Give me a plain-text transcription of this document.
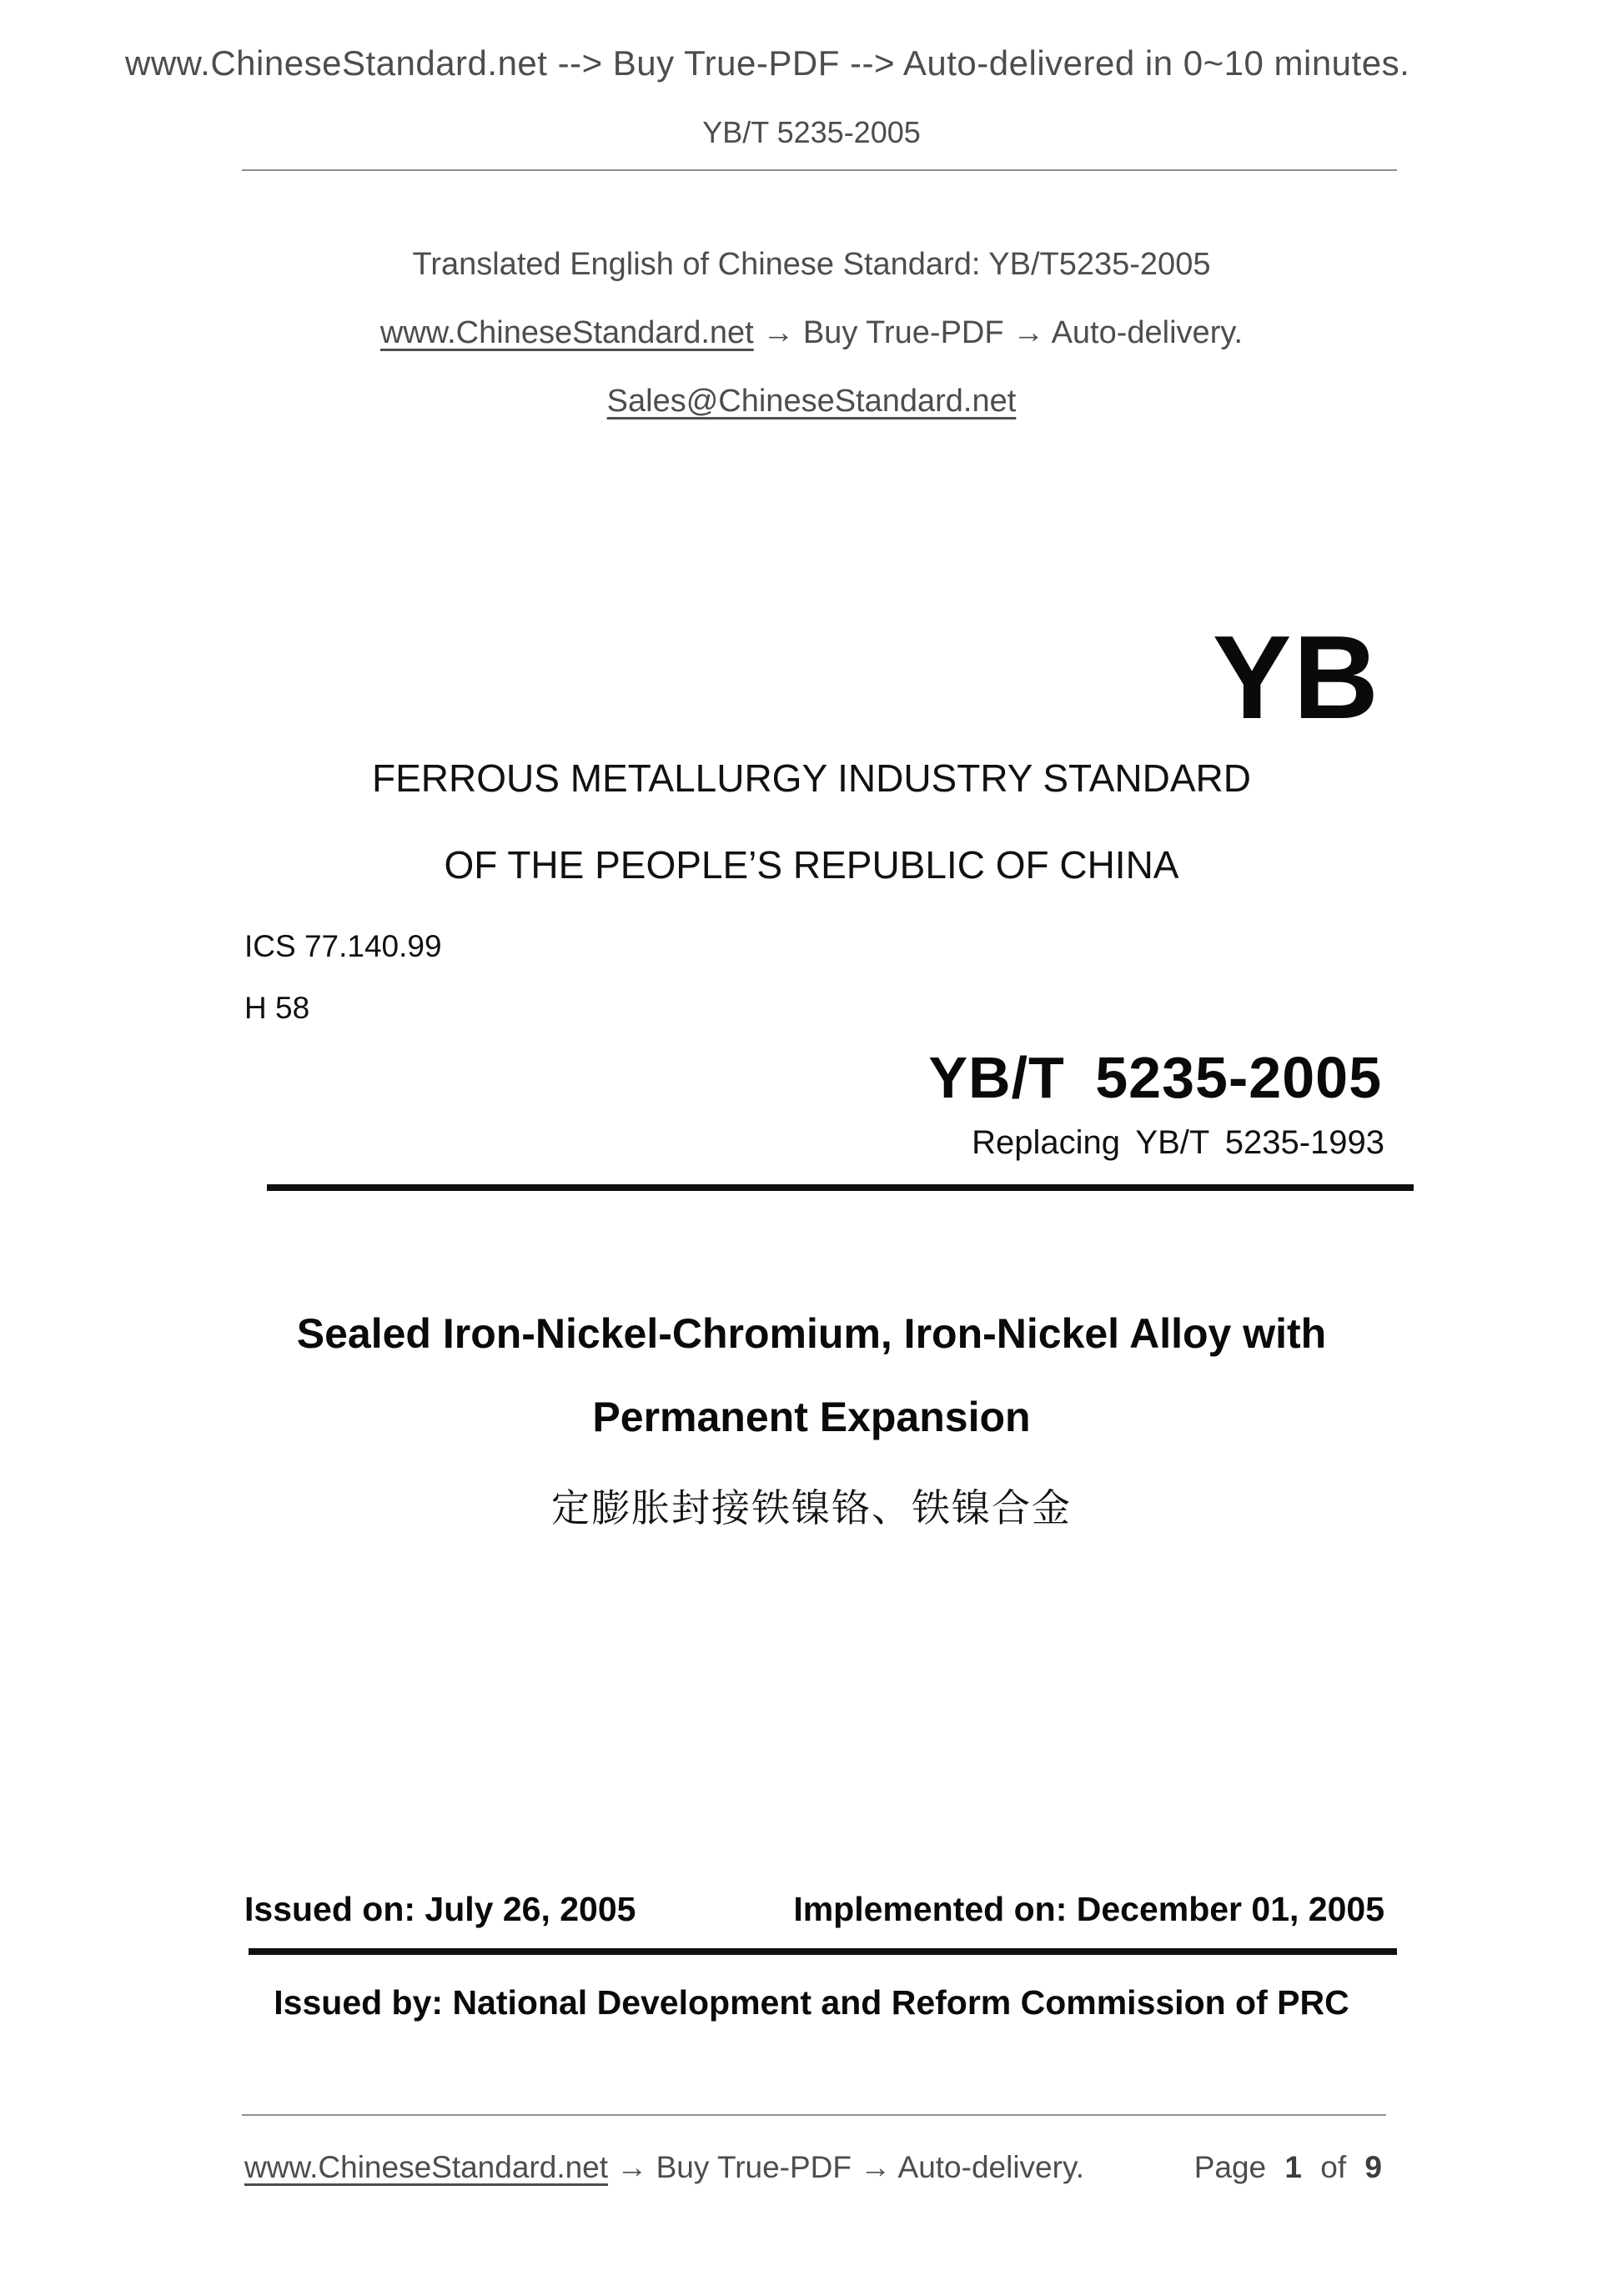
www.ChineseStandard.net --> Buy True-PDF --> Auto-delivered in 0~10 minutes.
YB/T 5235-2005
Translated English of Chinese Standard: YB/T5235-2005
www.ChineseStandard.net → Buy True-PDF → Auto-delivery.
Sales@ChineseStandard.net
YB
FERROUS METALLURGY INDUSTRY STANDARD
OF THE PEOPLE’S REPUBLIC OF CHINA
ICS 77.140.99
H 58
YB/T 5235-2005
Replacing YB/T 5235-1993
Sealed Iron-Nickel-Chromium, Iron-Nickel Alloy with
Permanent Expansion
定膨胀封接铁镍铬、铁镍合金
Issued on: July 26, 2005	Implemented on: December 01, 2005
Issued by: National Development and Reform Commission of PRC
www.ChineseStandard.net → Buy True-PDF → Auto-delivery.	Page 1 of 9
